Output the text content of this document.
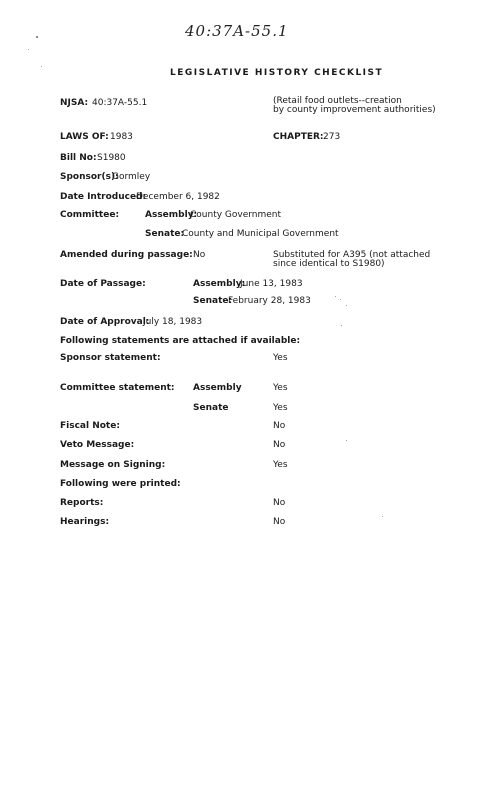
40:37A-55.1
LEGISLATIVE HISTORY CHECKLIST
NJSA: 40:37A-55.1	(Retail food outlets--creation
by county improvement authorities)
LAWS OF: 1983	CHAPTER: 273
Bill No: S1980
Sponsor(s):
Gormley
Date Introduced:
December 6, 1982
Committee:	Assembly:
County Government
Senate:
County and Municipal Government
Amended during passage: No	Substituted for A395 (not attached
since identical to S1980)
Date of Passage:	Assembly:
June 13, 1983
Senate:
February 28, 1983
Date of Approval:
July 18, 1983
Following statements are attached if available:
Sponsor statement:	Yes
Committee statement: Assembly	Yes
Senate	Yes
Fiscal Note:	No
Veto Message:	No
Message on Signing:	Yes
Following were printed:
Reports:	No
Hearings:	No
